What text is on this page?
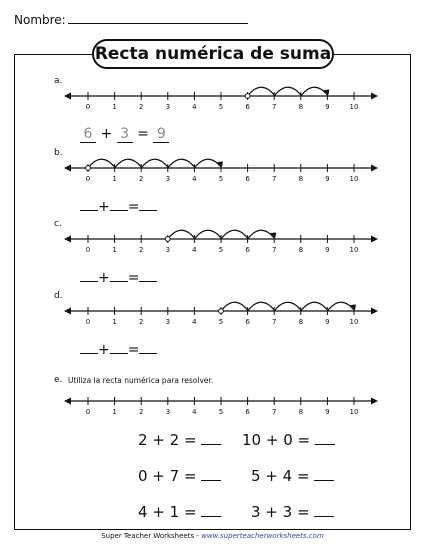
Nombre:
Recta numérica de suma
a.
0	1	2	3	4	5	6	7	8	9	10
6 + 3 = 9
b.
0	1	2	3	4	5	6	7	8	9	10
+ =
c.
0	1	2	3	4	5	6	7	8	9	10
+ =
d.
0	1	2	3	4	5	6	7	8	9	10
+ =
e. Utiliza la recta numérica para resolver.
0	1	2	3	4	5	6	7	8	9	10
2 + 2 =	10 + 0 =
0 + 7 =	5 + 4 =
4 + 1 =	3 + 3 =
Super Teacher Worksheets - www.superteacherworksheets.com
